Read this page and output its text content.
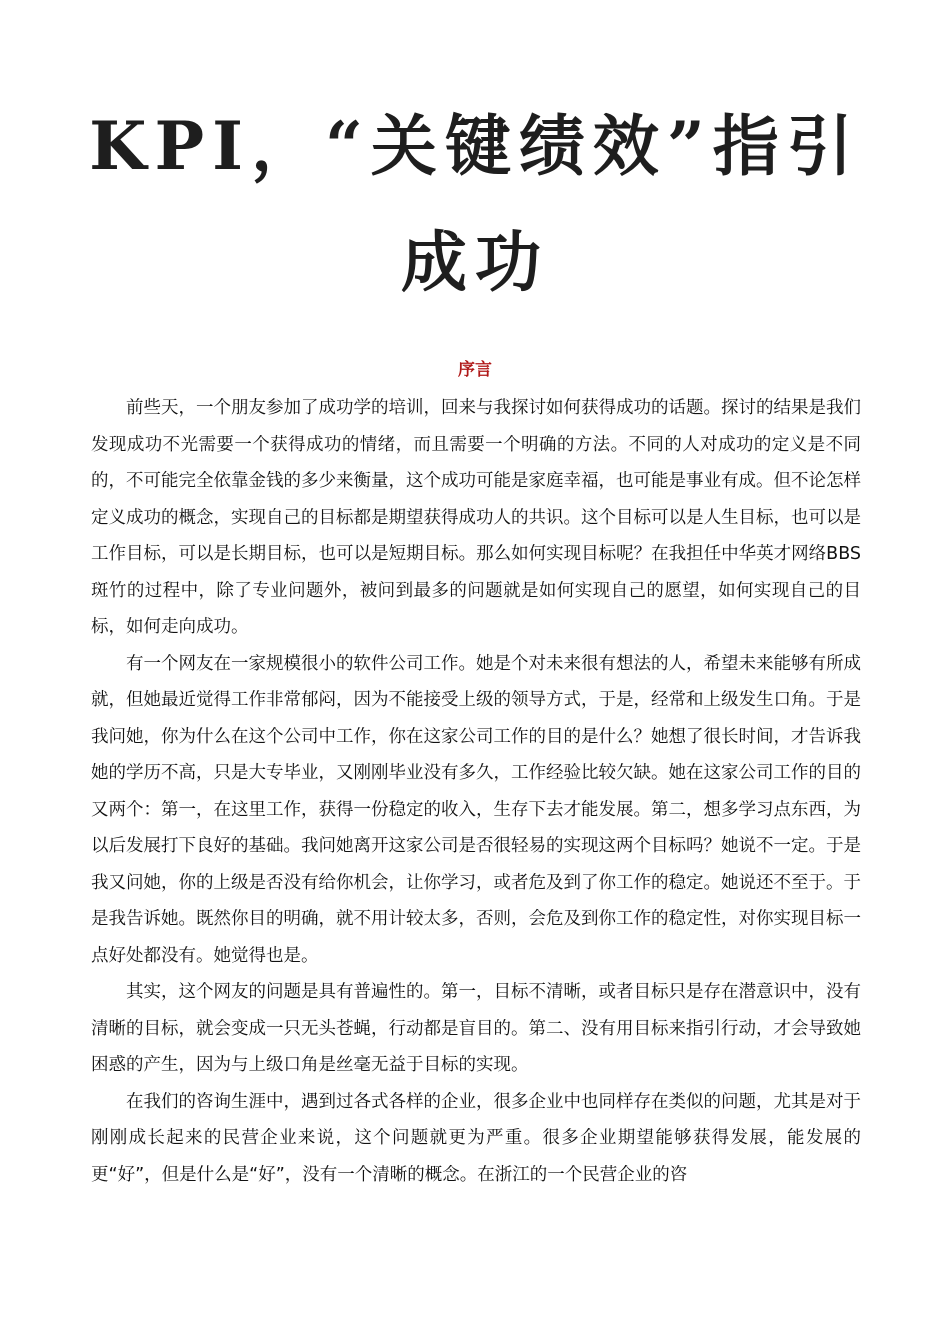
KPI，“关键绩效”指引成功
序言

前些天，一个朋友参加了成功学的培训，回来与我探讨如何获得成功的话题。探讨的结果是我们发现成功不光需要一个获得成功的情绪，而且需要一个明确的方法。不同的人对成功的定义是不同的，不可能完全依靠金钱的多少来衡量，这个成功可能是家庭幸福，也可能是事业有成。但不论怎样定义成功的概念，实现自己的目标都是期望获得成功人的共识。这个目标可以是人生目标，也可以是工作目标，可以是长期目标，也可以是短期目标。那么如何实现目标呢？在我担任中华英才网络BBS斑竹的过程中，除了专业问题外，被问到最多的问题就是如何实现自己的愿望，如何实现自己的目标，如何走向成功。

有一个网友在一家规模很小的软件公司工作。她是个对未来很有想法的人，希望未来能够有所成就，但她最近觉得工作非常郁闷，因为不能接受上级的领导方式，于是，经常和上级发生口角。于是我问她，你为什么在这个公司中工作，你在这家公司工作的目的是什么？她想了很长时间，才告诉我她的学历不高，只是大专毕业，又刚刚毕业没有多久，工作经验比较欠缺。她在这家公司工作的目的又两个：第一，在这里工作，获得一份稳定的收入，生存下去才能发展。第二，想多学习点东西，为以后发展打下良好的基础。我问她离开这家公司是否很轻易的实现这两个目标吗？她说不一定。于是我又问她，你的上级是否没有给你机会，让你学习，或者危及到了你工作的稳定。她说还不至于。于是我告诉她。既然你目的明确，就不用计较太多，否则，会危及到你工作的稳定性，对你实现目标一点好处都没有。她觉得也是。

其实，这个网友的问题是具有普遍性的。第一，目标不清晰，或者目标只是存在潜意识中，没有清晰的目标，就会变成一只无头苍蝇，行动都是盲目的。第二、没有用目标来指引行动，才会导致她困惑的产生，因为与上级口角是丝毫无益于目标的实现。

在我们的咨询生涯中，遇到过各式各样的企业，很多企业中也同样存在类似的问题，尤其是对于刚刚成长起来的民营企业来说，这个问题就更为严重。很多企业期望能够获得发展，能发展的更“好”，但是什么是“好”，没有一个清晰的概念。在浙江的一个民营企业的咨
